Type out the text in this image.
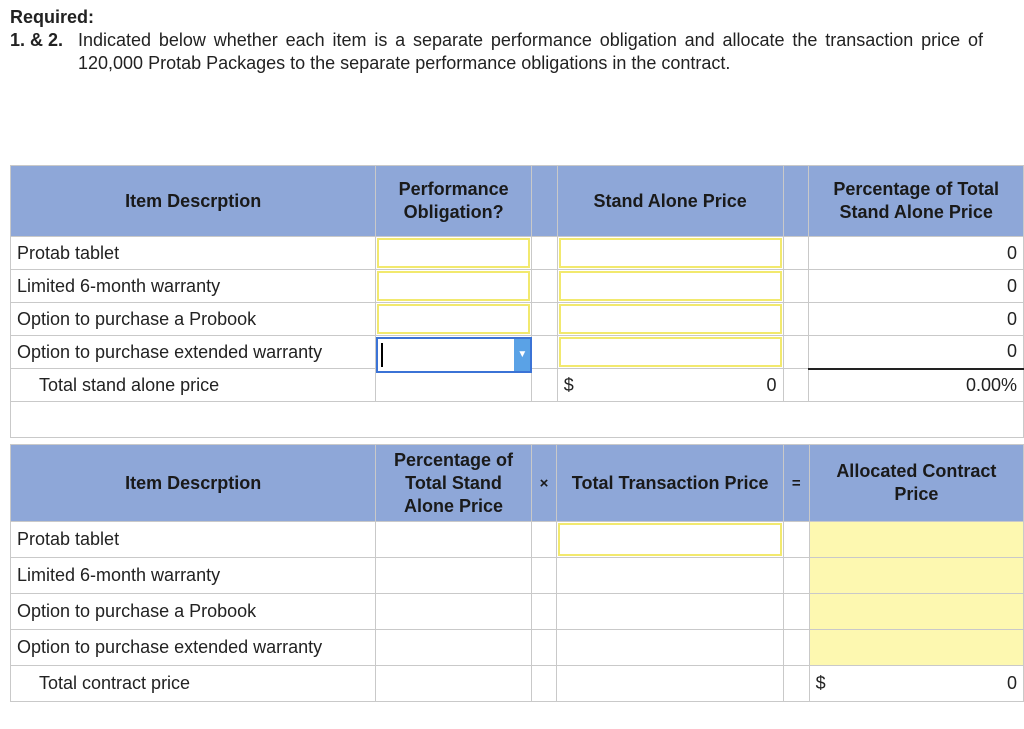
Required:
1. & 2. Indicated below whether each item is a separate performance obligation and allocate the transaction price of 120,000 Protab Packages to the separate performance obligations in the contract.
Item Descrption	Performance Obligation?		Stand Alone Price		Percentage of Total Stand Alone Price
Protab tablet					0
Limited 6-month warranty					0
Option to purchase a Probook					0
Option to purchase extended warranty	▼				0
Total stand alone price			$ 0		0.00%

Item Descrption	Percentage of Total Stand Alone Price	×	Total Transaction Price	=	Allocated Contract Price
Protab tablet			

Limited 6-month warranty					
Option to purchase a Probook					
Option to purchase extended warranty					
Total contract price					$ 0
